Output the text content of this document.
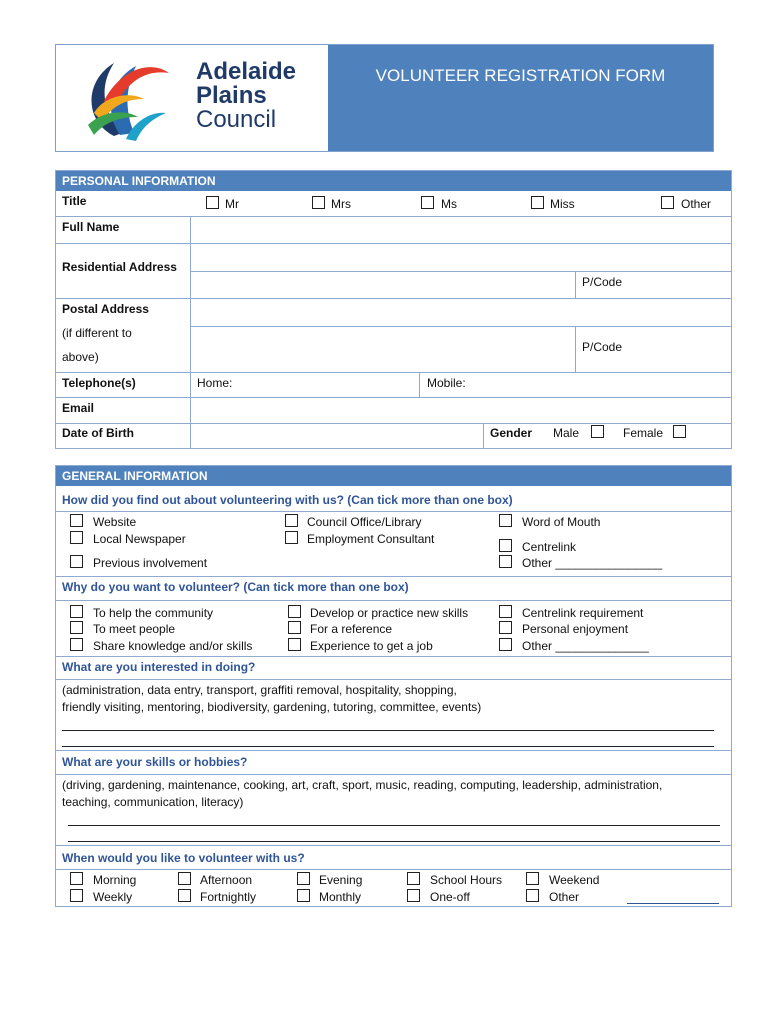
Adelaide
Plains
Council
VOLUNTEER REGISTRATION FORM
PERSONAL INFORMATION
Title	Mr	Mrs	Ms	Miss	Other
Full Name
Residential Address
P/Code
Postal Address
(if different to
above)
P/Code
Telephone(s)	Home:	Mobile:
Email
Date of Birth	Gender Male	Female
GENERAL INFORMATION
How did you find out about volunteering with us? (Can tick more than one box)
Website
Local Newspaper
Previous involvement
Council Office/Library
Employment Consultant
Word of Mouth
Centrelink
Other ________________
Why do you want to volunteer? (Can tick more than one box)
To help the community
To meet people
Share knowledge and/or skills
Develop or practice new skills
For a reference
Experience to get a job
Centrelink requirement
Personal enjoyment
Other ______________
What are you interested in doing?
(administration, data entry, transport, graffiti removal, hospitality, shopping,
friendly visiting, mentoring, biodiversity, gardening, tutoring, committee, events)
What are your skills or hobbies?
(driving, gardening, maintenance, cooking, art, craft, sport, music, reading, computing, leadership, administration,
teaching, communication, literacy)
When would you like to volunteer with us?
Morning
Weekly
Afternoon
Fortnightly
Evening
Monthly
School Hours
One-off
Weekend
Other
